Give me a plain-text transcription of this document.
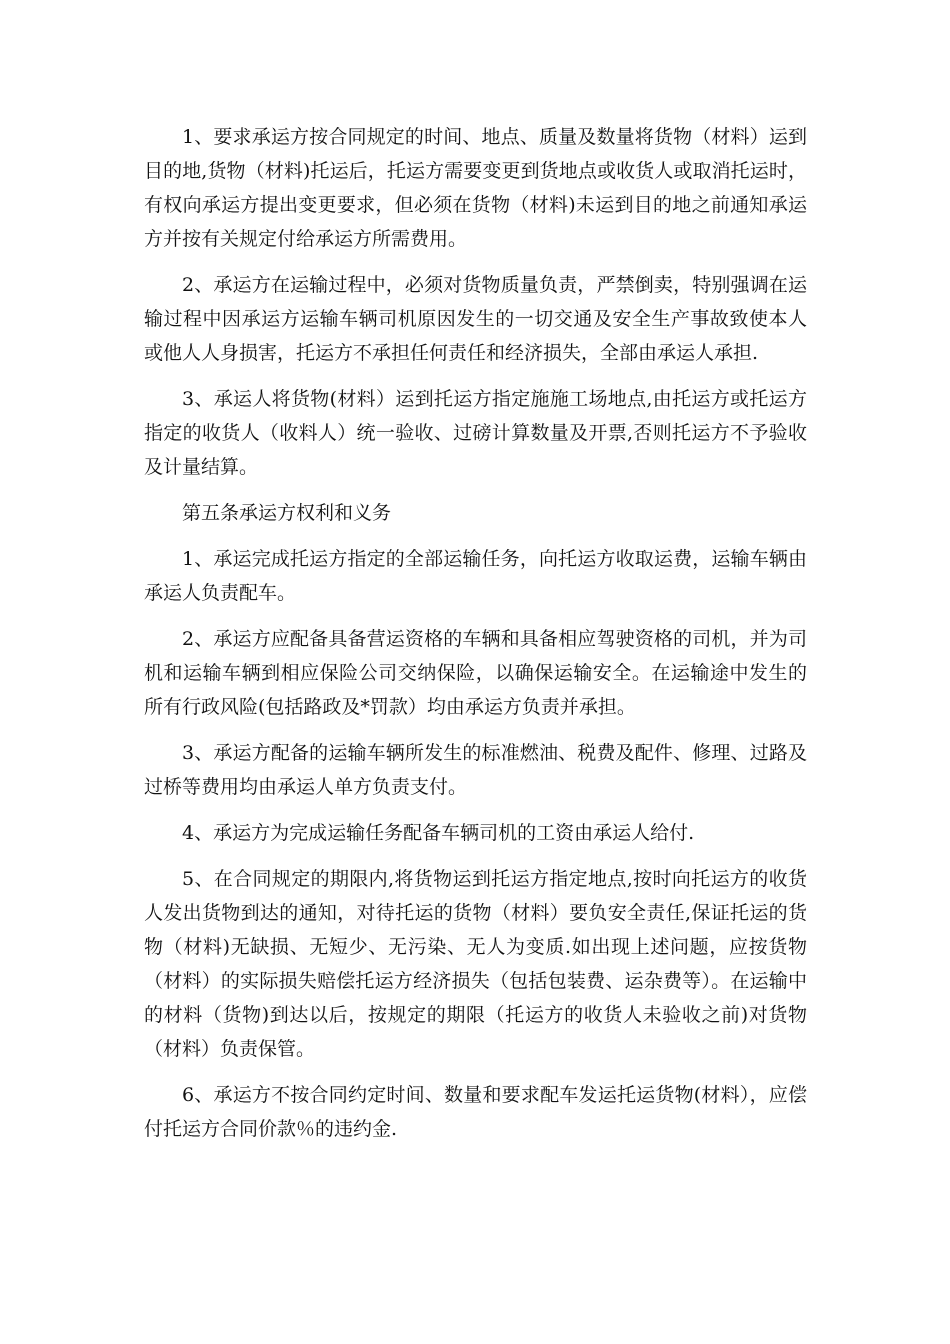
1、要求承运方按合同规定的时间、地点、质量及数量将货物（材料）运到目的地,货物（材料)托运后，托运方需要变更到货地点或收货人或取消托运时，有权向承运方提出变更要求，但必须在货物（材料)未运到目的地之前通知承运方并按有关规定付给承运方所需费用。

2、承运方在运输过程中，必须对货物质量负责，严禁倒卖，特别强调在运输过程中因承运方运输车辆司机原因发生的一切交通及安全生产事故致使本人或他人人身损害，托运方不承担任何责任和经济损失，全部由承运人承担.

3、承运人将货物(材料）运到托运方指定施施工场地点,由托运方或托运方指定的收货人（收料人）统一验收、过磅计算数量及开票,否则托运方不予验收及计量结算。

第五条承运方权利和义务

1、承运完成托运方指定的全部运输任务，向托运方收取运费，运输车辆由承运人负责配车。

2、承运方应配备具备营运资格的车辆和具备相应驾驶资格的司机，并为司机和运输车辆到相应保险公司交纳保险，以确保运输安全。在运输途中发生的所有行政风险(包括路政及*罚款）均由承运方负责并承担。

3、承运方配备的运输车辆所发生的标准燃油、税费及配件、修理、过路及过桥等费用均由承运人单方负责支付。

4、承运方为完成运输任务配备车辆司机的工资由承运人给付.

5、在合同规定的期限内,将货物运到托运方指定地点,按时向托运方的收货人发出货物到达的通知，对待托运的货物（材料）要负安全责任,保证托运的货物（材料)无缺损、无短少、无污染、无人为变质.如出现上述问题，应按货物（材料）的实际损失赔偿托运方经济损失（包括包装费、运杂费等）。在运输中的材料（货物)到达以后，按规定的期限（托运方的收货人未验收之前)对货物（材料）负责保管。

6、承运方不按合同约定时间、数量和要求配车发运托运货物(材料），应偿付托运方合同价款％的违约金.
